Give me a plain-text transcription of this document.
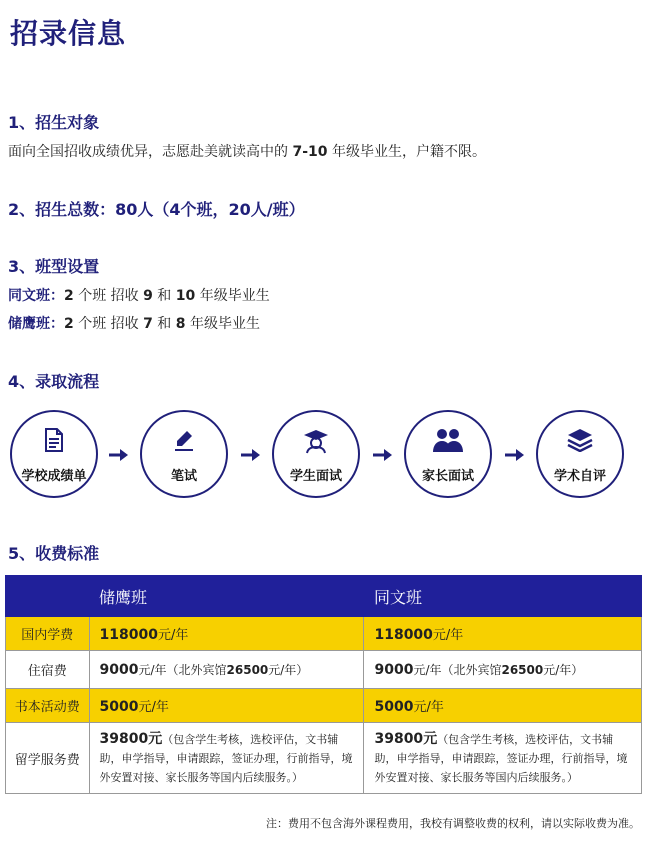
招录信息
1、招生对象
面向全国招收成绩优异，志愿赴美就读高中的 7-10 年级毕业生，户籍不限。
2、招生总数：80人（4个班，20人/班）
3、班型设置
同文班：2 个班 招收 9 和 10 年级毕业生
储鹰班：2 个班 招收 7 和 8 年级毕业生
4、录取流程
学校成绩单	笔试	学生面试	家长面试	学术自评
5、收费标准
	储鹰班	同文班
国内学费	118000元/年	118000元/年
住宿费	9000元/年（北外宾馆26500元/年）	9000元/年（北外宾馆26500元/年）
书本活动费	5000元/年	5000元/年
留学服务费	39800元（包含学生考核，选校评估，文书辅助，申学指导，申请跟踪，签证办理，行前指导，境外安置对接、家长服务等国内后续服务。）	39800元（包含学生考核，选校评估，文书辅助，申学指导，申请跟踪，签证办理，行前指导，境外安置对接、家长服务等国内后续服务。）
注：费用不包含海外课程费用，我校有调整收费的权利，请以实际收费为准。
